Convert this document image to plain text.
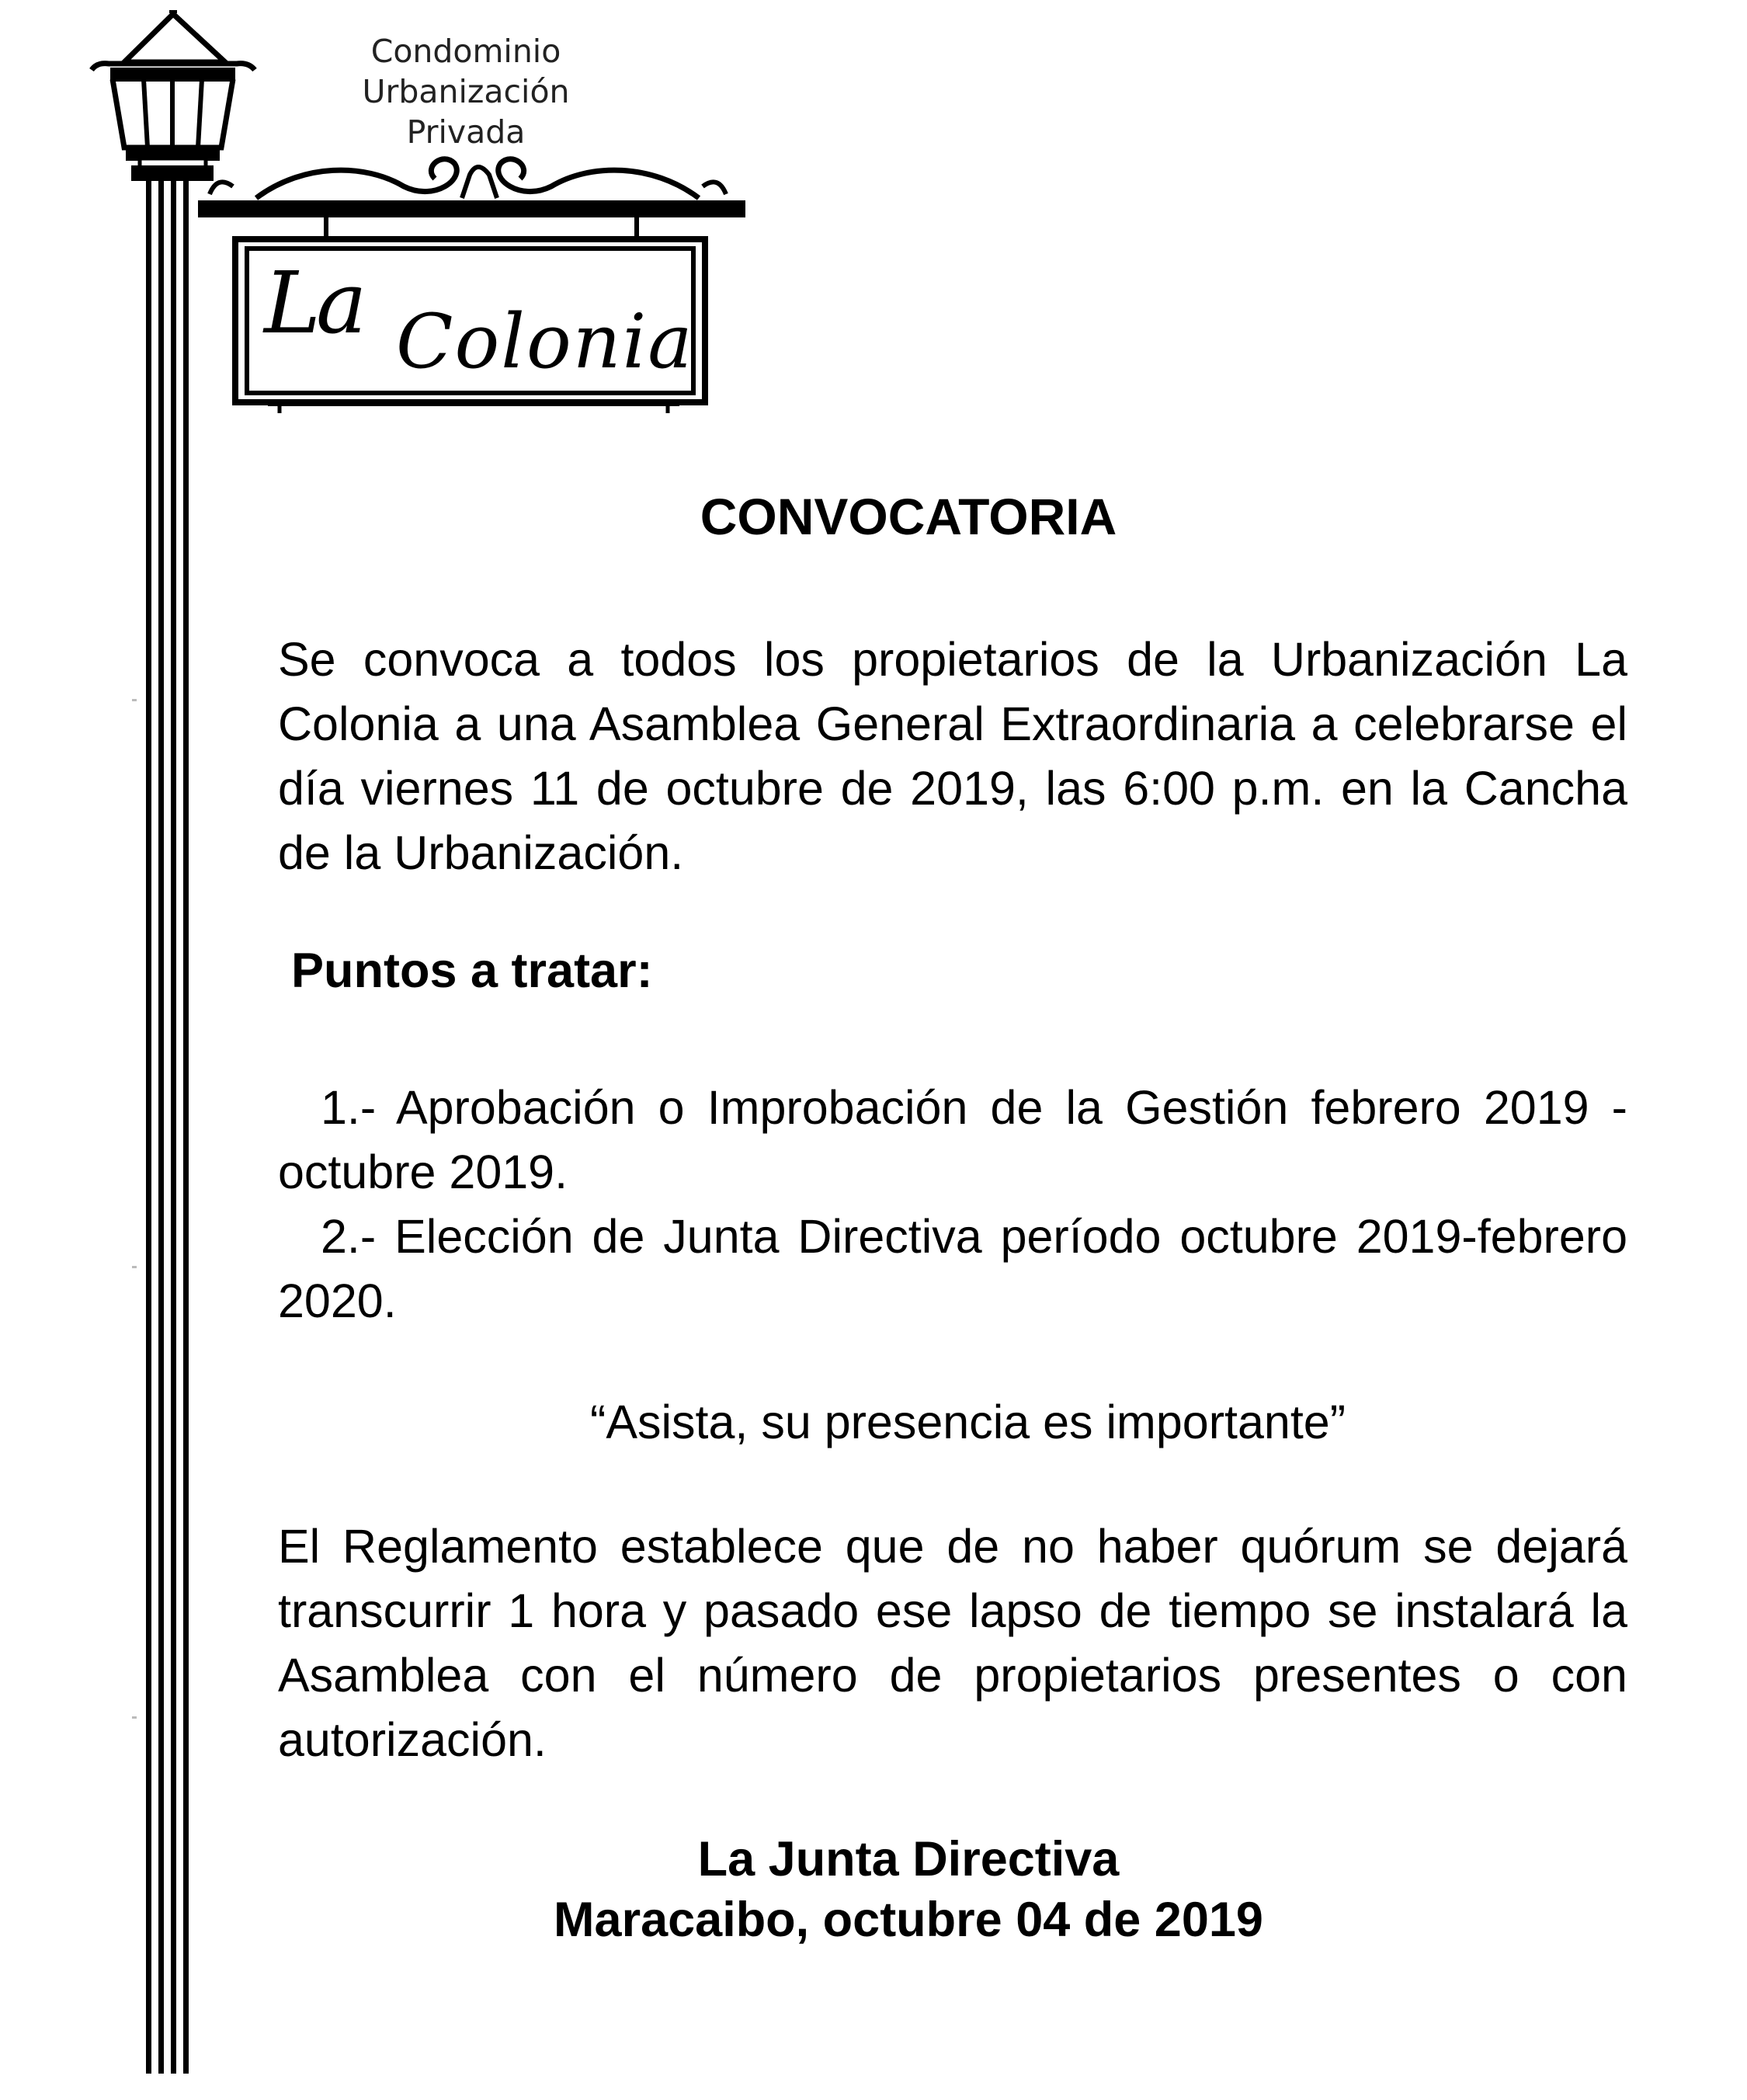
Condominio
Urbanización
Privada
La Colonia
CONVOCATORIA
Se convoca a todos los propietarios de la Urbanización La Colonia a una Asamblea General Extraordinaria a celebrarse el día viernes 11 de octubre de 2019, las 6:00 p.m. en la Cancha de la Urbanización.
Puntos a tratar:
1.- Aprobación o Improbación de la Gestión febrero 2019 - octubre 2019.
2.- Elección de Junta Directiva período octubre 2019-febrero 2020.
“Asista, su presencia es importante”
El Reglamento establece que de no haber quórum se dejará transcurrir 1 hora y pasado ese lapso de tiempo se instalará la Asamblea con el número de propietarios presentes o con autorización.
La Junta Directiva
Maracaibo, octubre 04 de 2019
